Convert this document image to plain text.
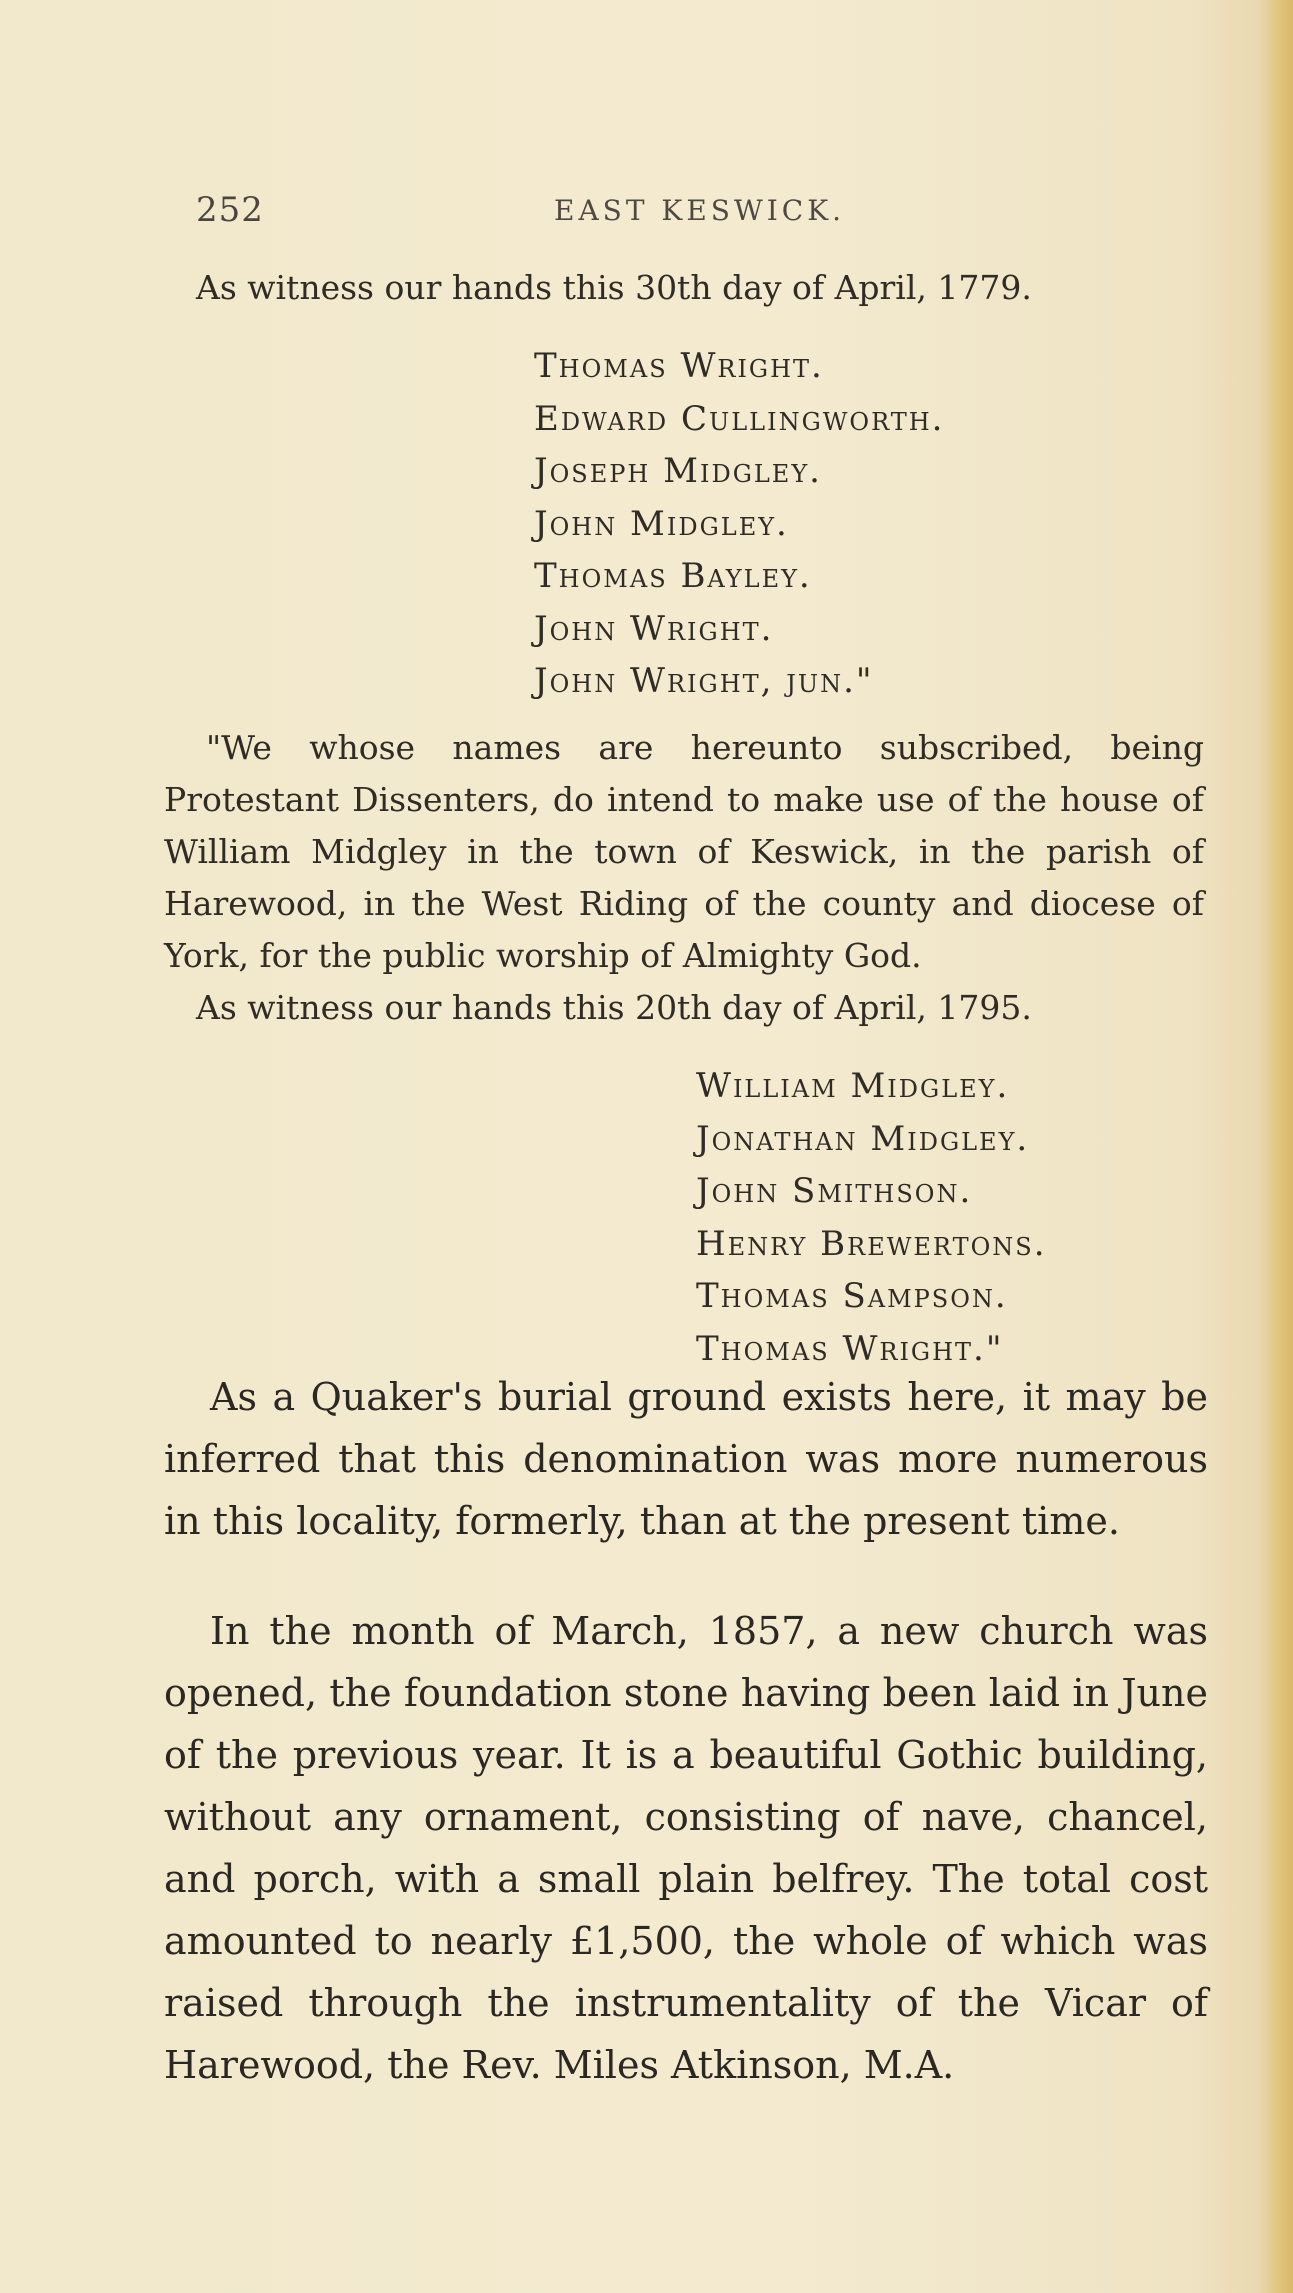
252	EAST KESWICK.
As witness our hands this 30th day of April, 1779.
Thomas Wright.
Edward Cullingworth.
Joseph Midgley.
John Midgley.
Thomas Bayley.
John Wright.
John Wright, jun."
"We whose names are hereunto subscribed, being Protestant Dissenters, do intend to make use of the house of William Midgley in the town of Keswick, in the parish of Harewood, in the West Riding of the county and diocese of York, for the public worship of Almighty God.
As witness our hands this 20th day of April, 1795.
William Midgley.
Jonathan Midgley.
John Smithson.
Henry Brewertons.
Thomas Sampson.
Thomas Wright."
As a Quaker's burial ground exists here, it may be inferred that this denomination was more numerous in this locality, formerly, than at the present time.
In the month of March, 1857, a new church was opened, the foundation stone having been laid in June of the previous year. It is a beautiful Gothic building, without any ornament, consisting of nave, chancel, and porch, with a small plain belfrey. The total cost amounted to nearly £1,500, the whole of which was raised through the instrumentality of the Vicar of Harewood, the Rev. Miles Atkinson, M.A.
